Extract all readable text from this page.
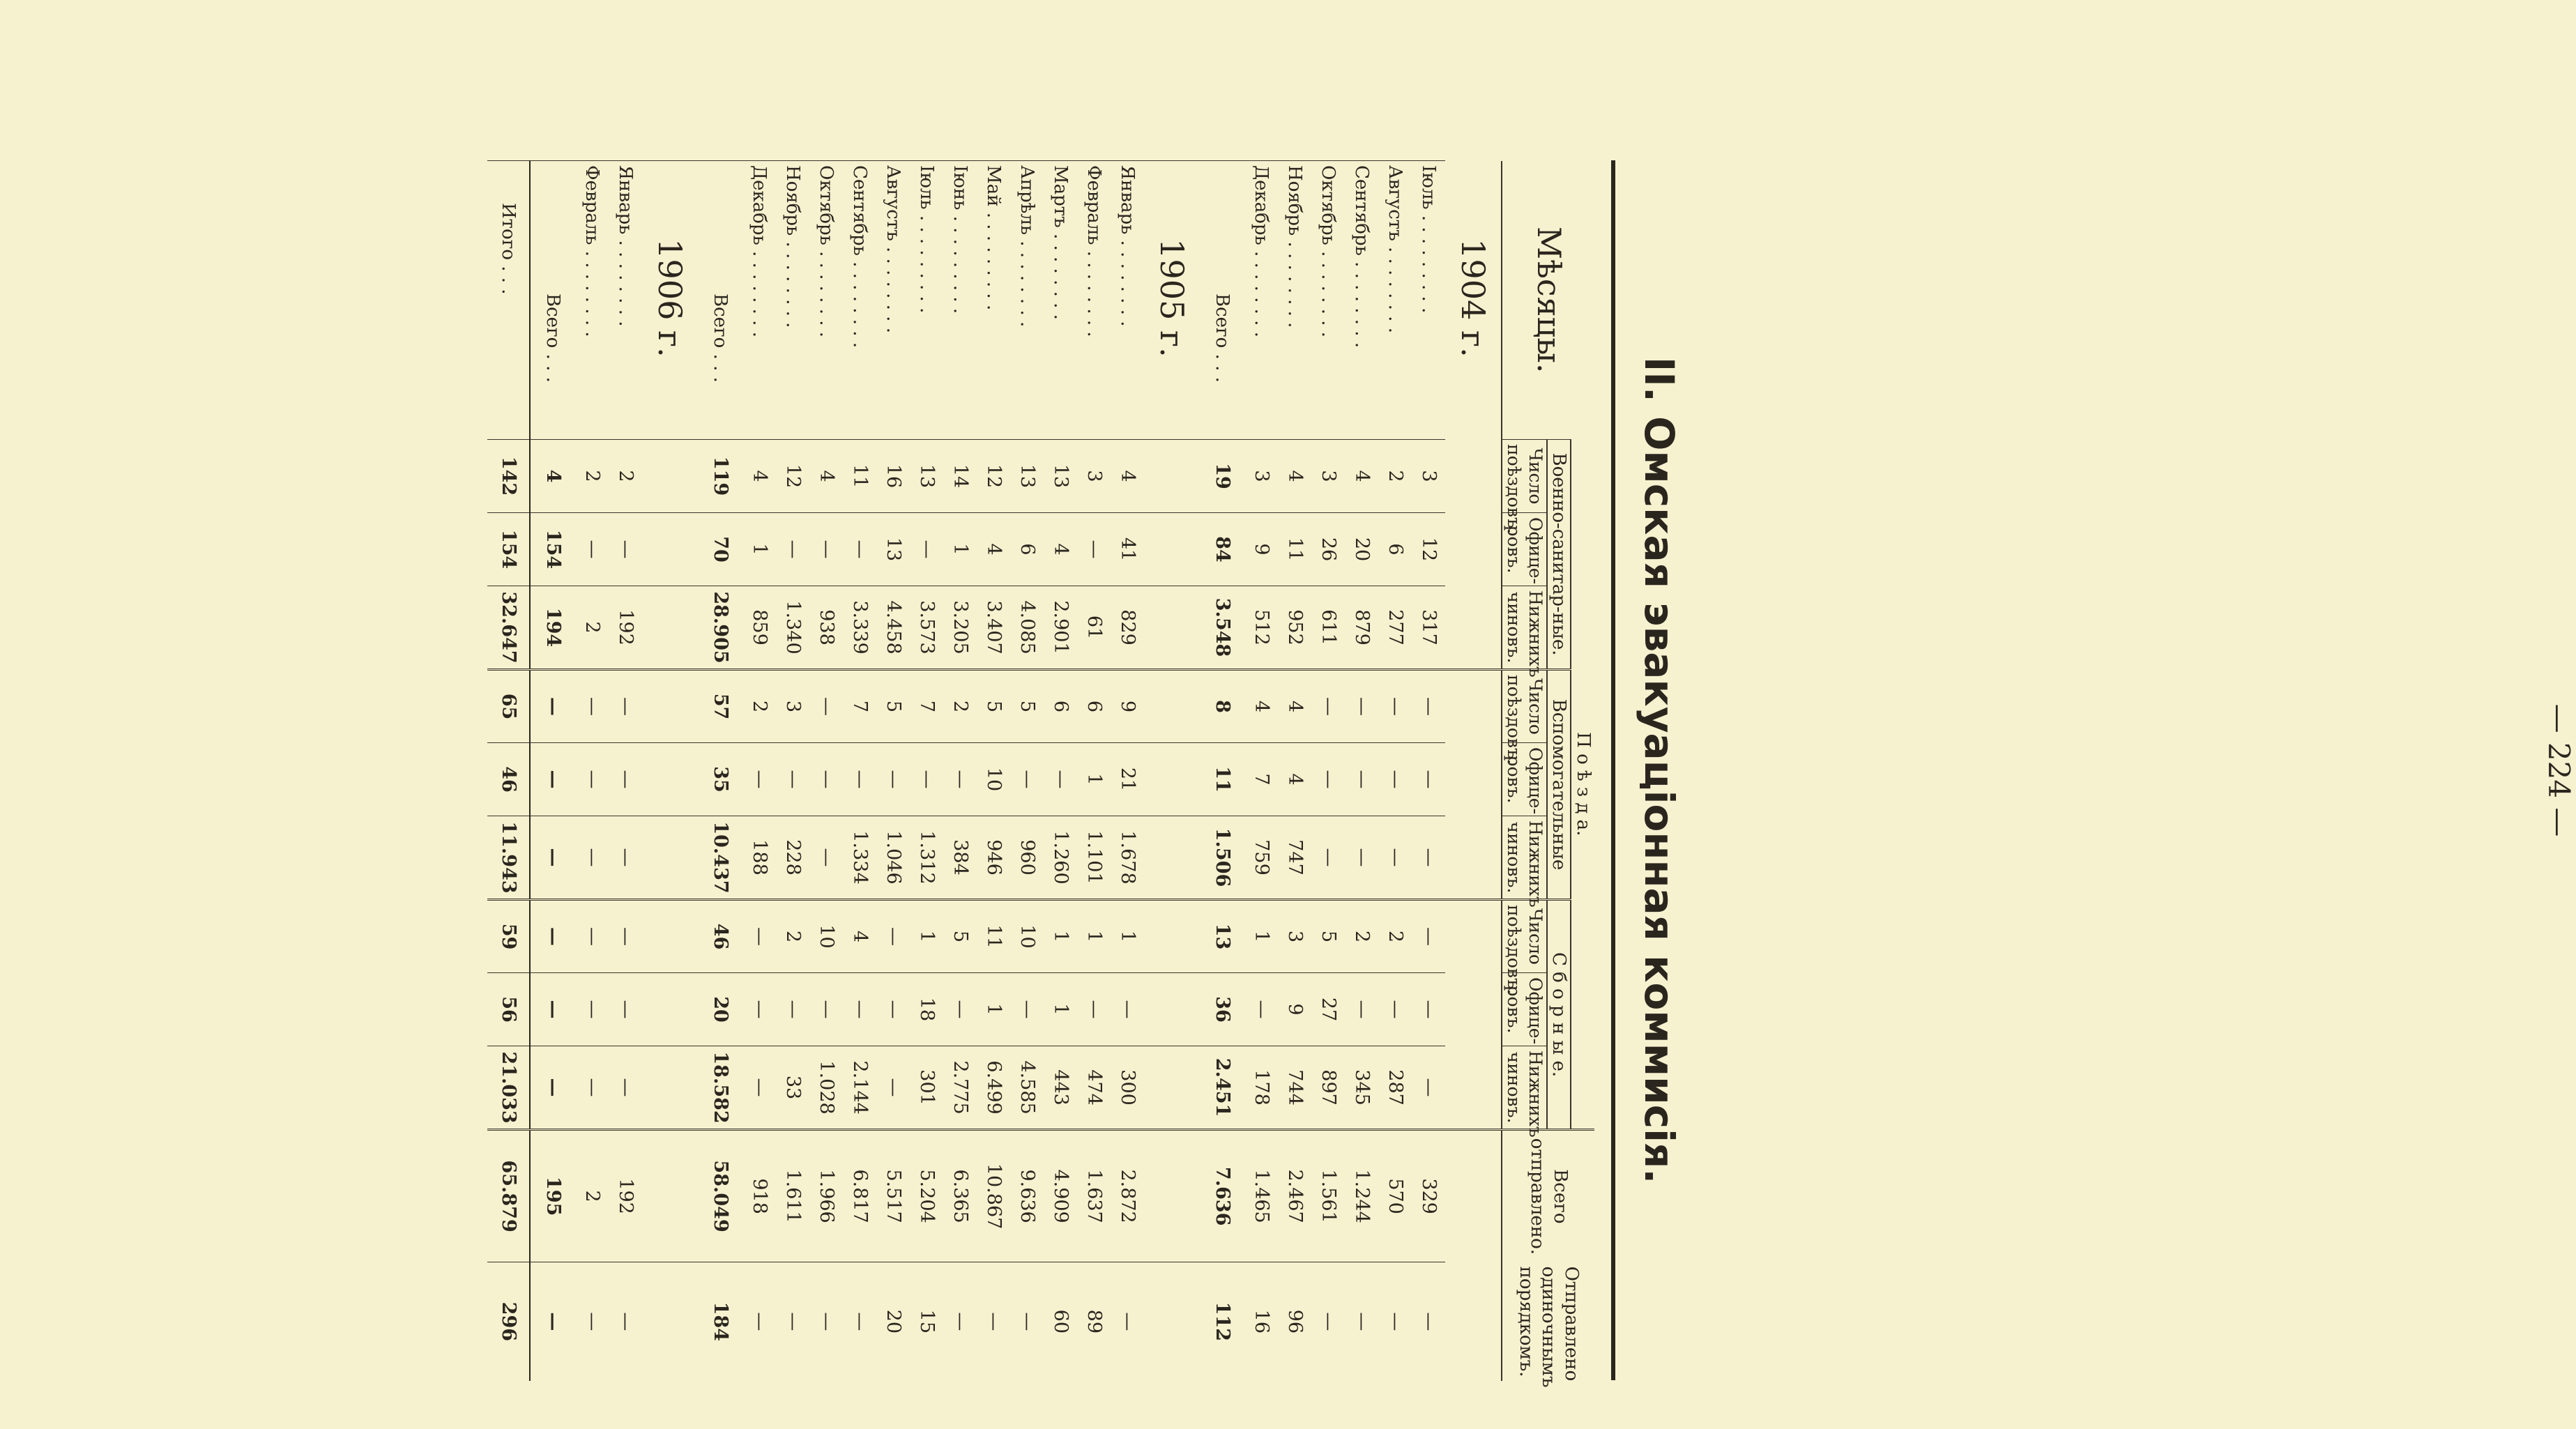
— 224 —
II. Омская эвакуаціонная коммисія.
Мѣсяцы.	П о ѣ з д а.									Всего отправлено.	Отправлено одиночнымъ порядкомъ.
	Военно-санитар-ные.			Вспомогательные			С б о р н ы е.				
	Число поѣздовъ.	Офице-ровъ.	Нижнихъ чиновъ.	Число поѣздовъ.	Офице-ровъ.	Нижнихъ чиновъ.	Число поѣздовъ.	Офице-ровъ.	Нижнихъ чиновъ.		
1904 г.											
Іюль . . . . . . . . .	3	12	317	—	—	—	—	—	—	329	—
Августъ . . . . . . . .	2	6	277	—	—	—	2	—	287	570	—
Сентябрь . . . . . . . .	4	20	879	—	—	—	2	—	345	1.244	—
Октябрь . . . . . . . .	3	26	611	—	—	—	5	27	897	1.561	—
Ноябрь . . . . . . . .	4	11	952	4	4	747	3	9	744	2.467	96
Декабрь . . . . . . . .	3	9	512	4	7	759	1	—	178	1.465	16
Всего . . .	19	84	3.548	8	11	1.506	13	36	2.451	7.636	112
1905 г.											
Январь . . . . . . . .	4	41	829	9	21	1.678	1	—	300	2.872	—
Февраль . . . . . . . .	3	—	61	6	1	1.101	1	—	474	1.637	89
Мартъ . . . . . . . .	13	4	2.901	6	—	1.260	1	1	443	4.909	60
Апрѣль . . . . . . . .	13	6	4.085	5	—	960	10	—	4.585	9.636	—
Май . . . . . . . . .	12	4	3.407	5	10	946	11	1	6.499	10.867	—
Іюнь . . . . . . . . .	14	1	3.205	2	—	384	5	—	2.775	6.365	—
Іюль . . . . . . . . .	13	—	3.573	7	—	1.312	1	18	301	5.204	15
Августъ . . . . . . . .	16	13	4.458	5	—	1.046	—	—	—	5.517	20
Сентябрь . . . . . . . .	11	—	3.339	7	—	1.334	4	—	2.144	6.817	—
Октябрь . . . . . . . .	4	—	938	—	—	—	10	—	1.028	1.966	—
Ноябрь . . . . . . . .	12	—	1.340	3	—	228	2	—	33	1.611	—
Декабрь . . . . . . . .	4	1	859	2	—	188	—	—	—	918	—
Всего . . .	119	70	28.905	57	35	10.437	46	20	18.582	58.049	184
1906 г.											
Январь . . . . . . . .	2	—	192	—	—	—	—	—	—	192	—
Февраль . . . . . . . .	2	—	2	—	—	—	—	—	—	2	—
Всего . . .	4	154	194	—	—	—	—	—	—	195	—
Итого . . .	142	154	32.647	65	46	11.943	59	56	21.033	65.879	296
